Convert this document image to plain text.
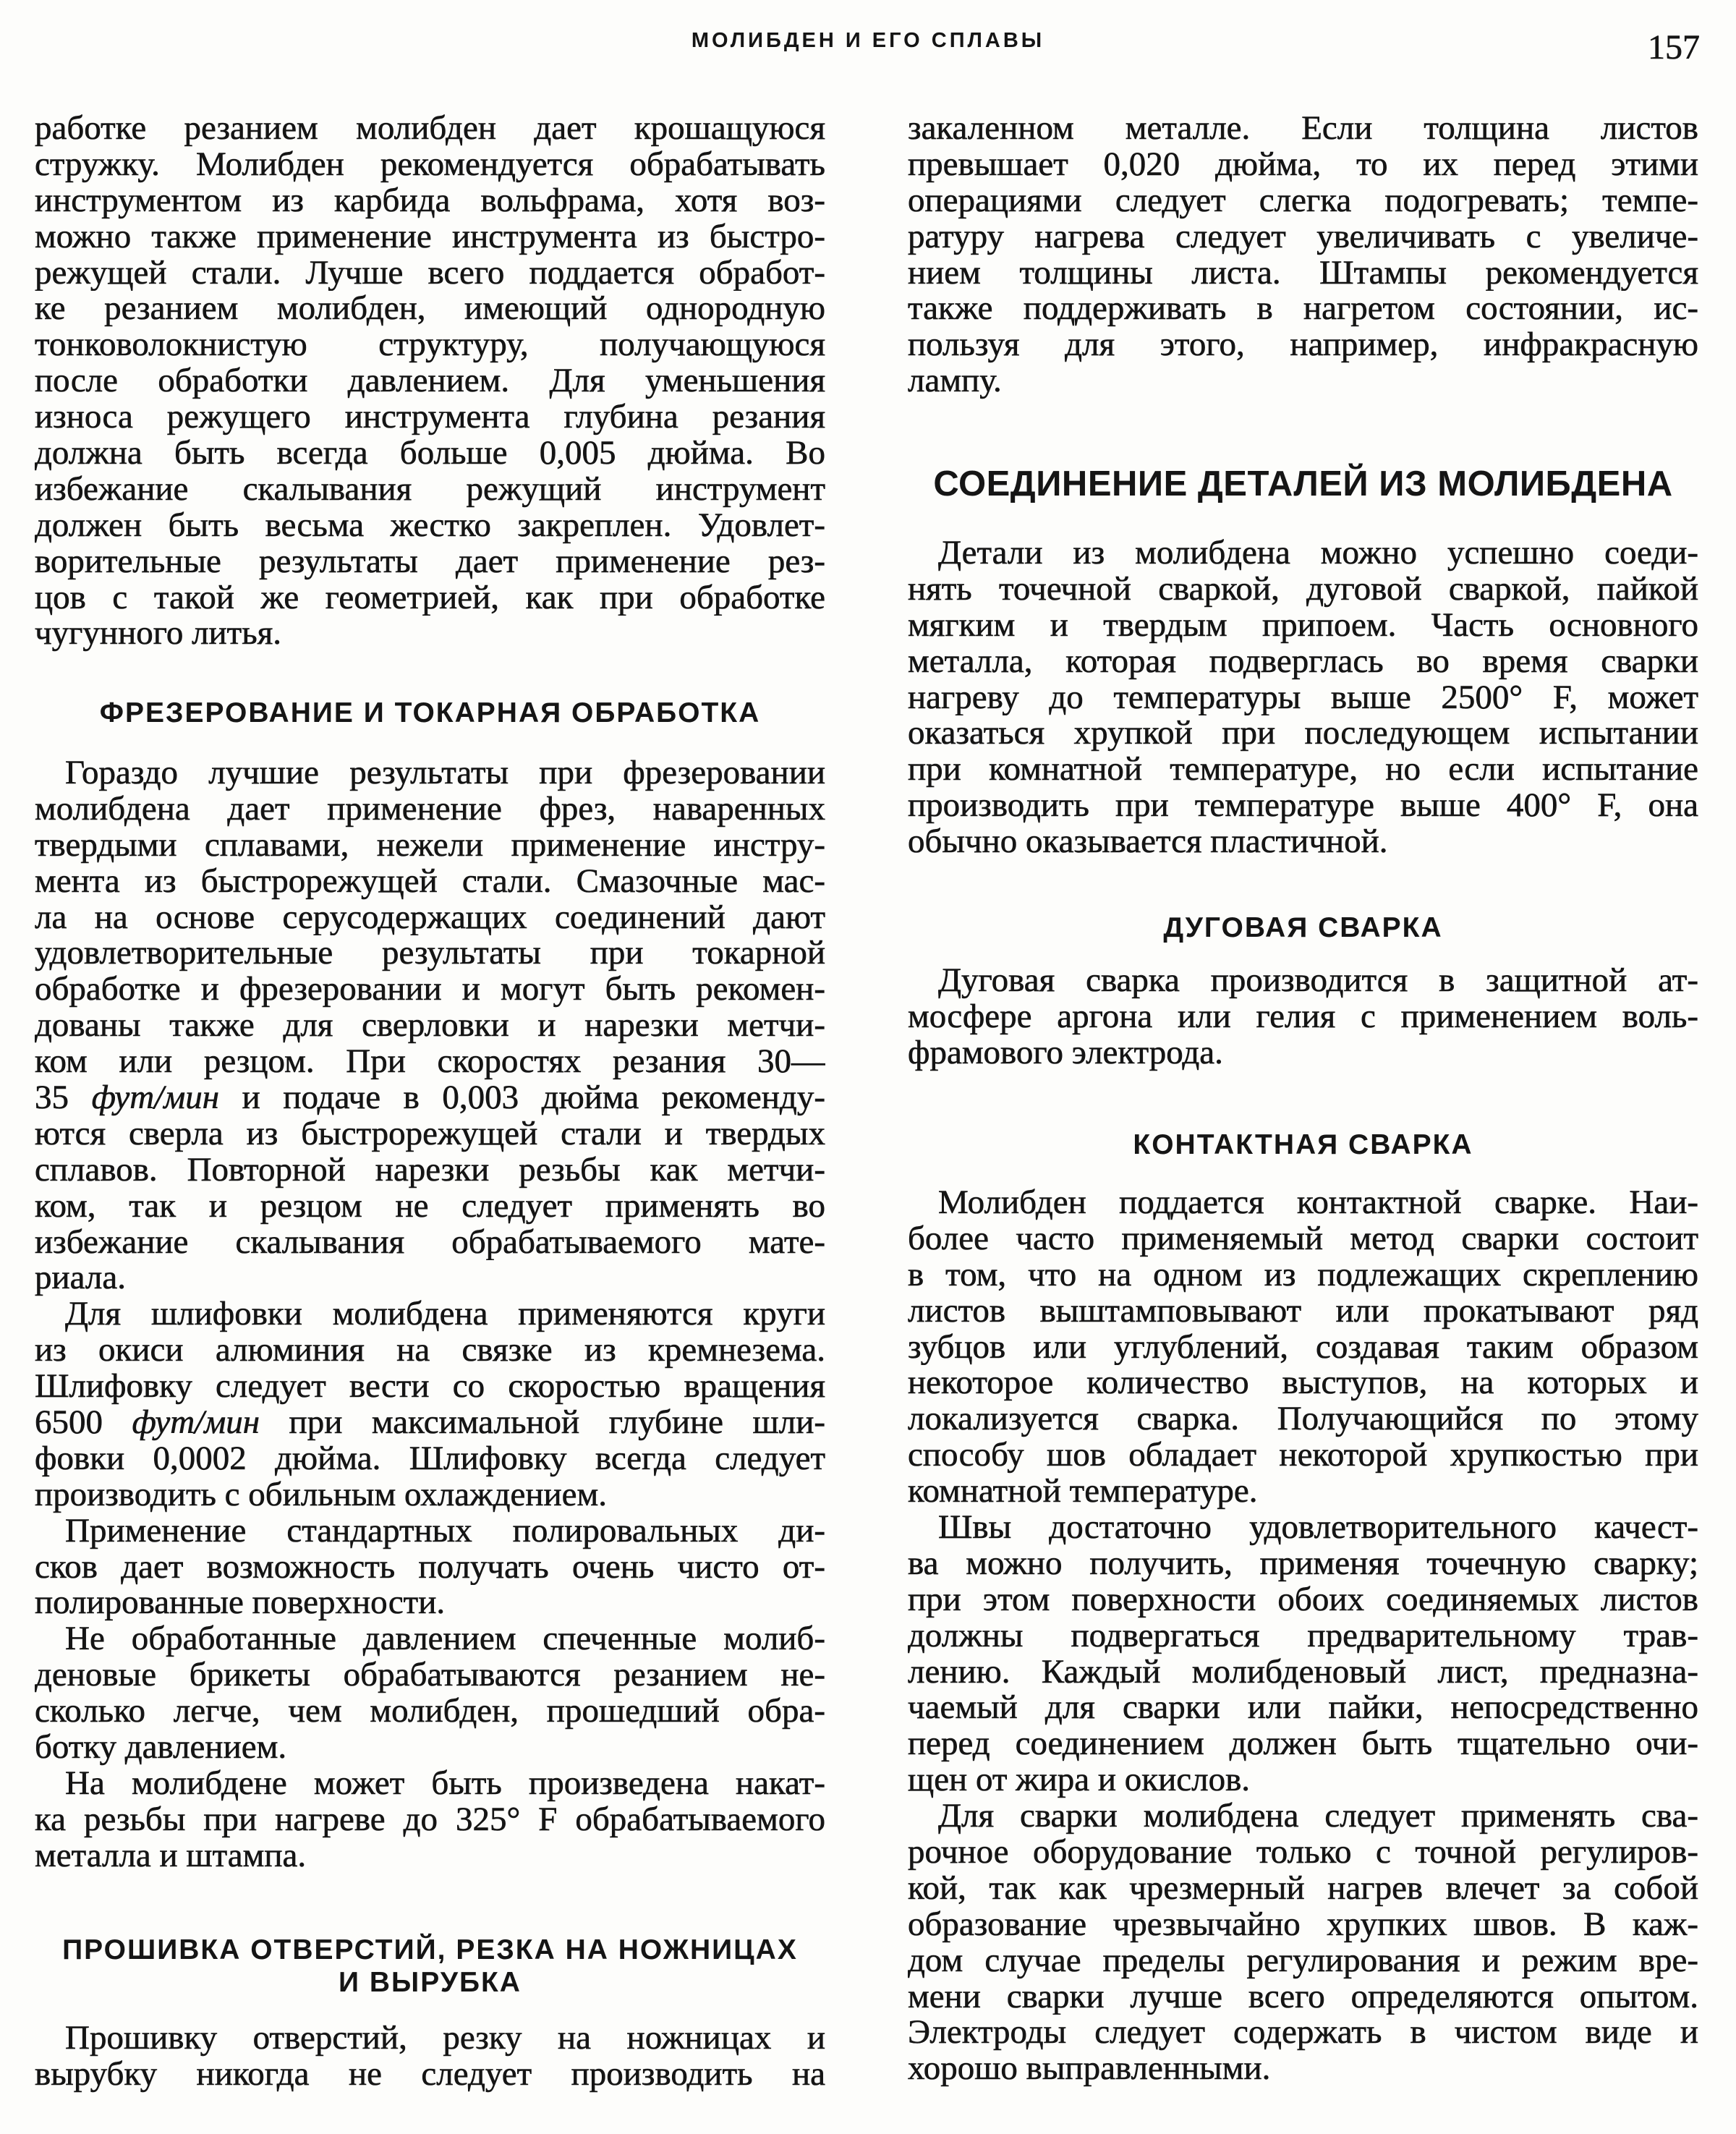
МОЛИБДЕН И ЕГО СПЛАВЫ	157
работке резанием молибден дает крошащуюся
стружку. Молибден рекомендуется обрабатывать
инструментом из карбида вольфрама, хотя воз-
можно также применение инструмента из быстро-
режущей стали. Лучше всего поддается обработ-
ке резанием молибден, имеющий однородную
тонковолокнистую структуру, получающуюся
после обработки давлением. Для уменьшения
износа режущего инструмента глубина резания
должна быть всегда больше 0,005 дюйма. Во
избежание скалывания режущий инструмент
должен быть весьма жестко закреплен. Удовлет-
ворительные результаты дает применение рез-
цов с такой же геометрией, как при обработке
чугунного литья.
ФРЕЗЕРОВАНИЕ И ТОКАРНАЯ ОБРАБОТКА
Гораздо лучшие результаты при фрезеровании
молибдена дает применение фрез, наваренных
твердыми сплавами, нежели применение инстру-
мента из быстрорежущей стали. Смазочные мас-
ла на основе серусодержащих соединений дают
удовлетворительные результаты при токарной
обработке и фрезеровании и могут быть рекомен-
дованы также для сверловки и нарезки метчи-
ком или резцом. При скоростях резания 30—
35 фут/мин и подаче в 0,003 дюйма рекоменду-
ются сверла из быстрорежущей стали и твердых
сплавов. Повторной нарезки резьбы как метчи-
ком, так и резцом не следует применять во
избежание скалывания обрабатываемого мате-
риала.
Для шлифовки молибдена применяются круги
из окиси алюминия на связке из кремнезема.
Шлифовку следует вести со скоростью вращения
6500 фут/мин при максимальной глубине шли-
фовки 0,0002 дюйма. Шлифовку всегда следует
производить с обильным охлаждением.
Применение стандартных полировальных ди-
сков дает возможность получать очень чисто от-
полированные поверхности.
Не обработанные давлением спеченные молиб-
деновые брикеты обрабатываются резанием не-
сколько легче, чем молибден, прошедший обра-
ботку давлением.
На молибдене может быть произведена накат-
ка резьбы при нагреве до 325° F обрабатываемого
металла и штампа.
ПРОШИВКА ОТВЕРСТИЙ, РЕЗКА НА НОЖНИЦАХ
И ВЫРУБКА
Прошивку отверстий, резку на ножницах и
вырубку никогда не следует производить на
закаленном металле. Если толщина листов
превышает 0,020 дюйма, то их перед этими
операциями следует слегка подогревать; темпе-
ратуру нагрева следует увеличивать с увеличе-
нием толщины листа. Штампы рекомендуется
также поддерживать в нагретом состоянии, ис-
пользуя для этого, например, инфракрасную
лампу.
СОЕДИНЕНИЕ ДЕТАЛЕЙ ИЗ МОЛИБДЕНА
Детали из молибдена можно успешно соеди-
нять точечной сваркой, дуговой сваркой, пайкой
мягким и твердым припоем. Часть основного
металла, которая подверглась во время сварки
нагреву до температуры выше 2500° F, может
оказаться хрупкой при последующем испытании
при комнатной температуре, но если испытание
производить при температуре выше 400° F, она
обычно оказывается пластичной.
ДУГОВАЯ СВАРКА
Дуговая сварка производится в защитной ат-
мосфере аргона или гелия с применением воль-
фрамового электрода.
КОНТАКТНАЯ СВАРКА
Молибден поддается контактной сварке. Наи-
более часто применяемый метод сварки состоит
в том, что на одном из подлежащих скреплению
листов выштамповывают или прокатывают ряд
зубцов или углублений, создавая таким образом
некоторое количество выступов, на которых и
локализуется сварка. Получающийся по этому
способу шов обладает некоторой хрупкостью при
комнатной температуре.
Швы достаточно удовлетворительного качест-
ва можно получить, применяя точечную сварку;
при этом поверхности обоих соединяемых листов
должны подвергаться предварительному трав-
лению. Каждый молибденовый лист, предназна-
чаемый для сварки или пайки, непосредственно
перед соединением должен быть тщательно очи-
щен от жира и окислов.
Для сварки молибдена следует применять сва-
рочное оборудование только с точной регулиров-
кой, так как чрезмерный нагрев влечет за собой
образование чрезвычайно хрупких швов. В каж-
дом случае пределы регулирования и режим вре-
мени сварки лучше всего определяются опытом.
Электроды следует содержать в чистом виде и
хорошо выправленными.
